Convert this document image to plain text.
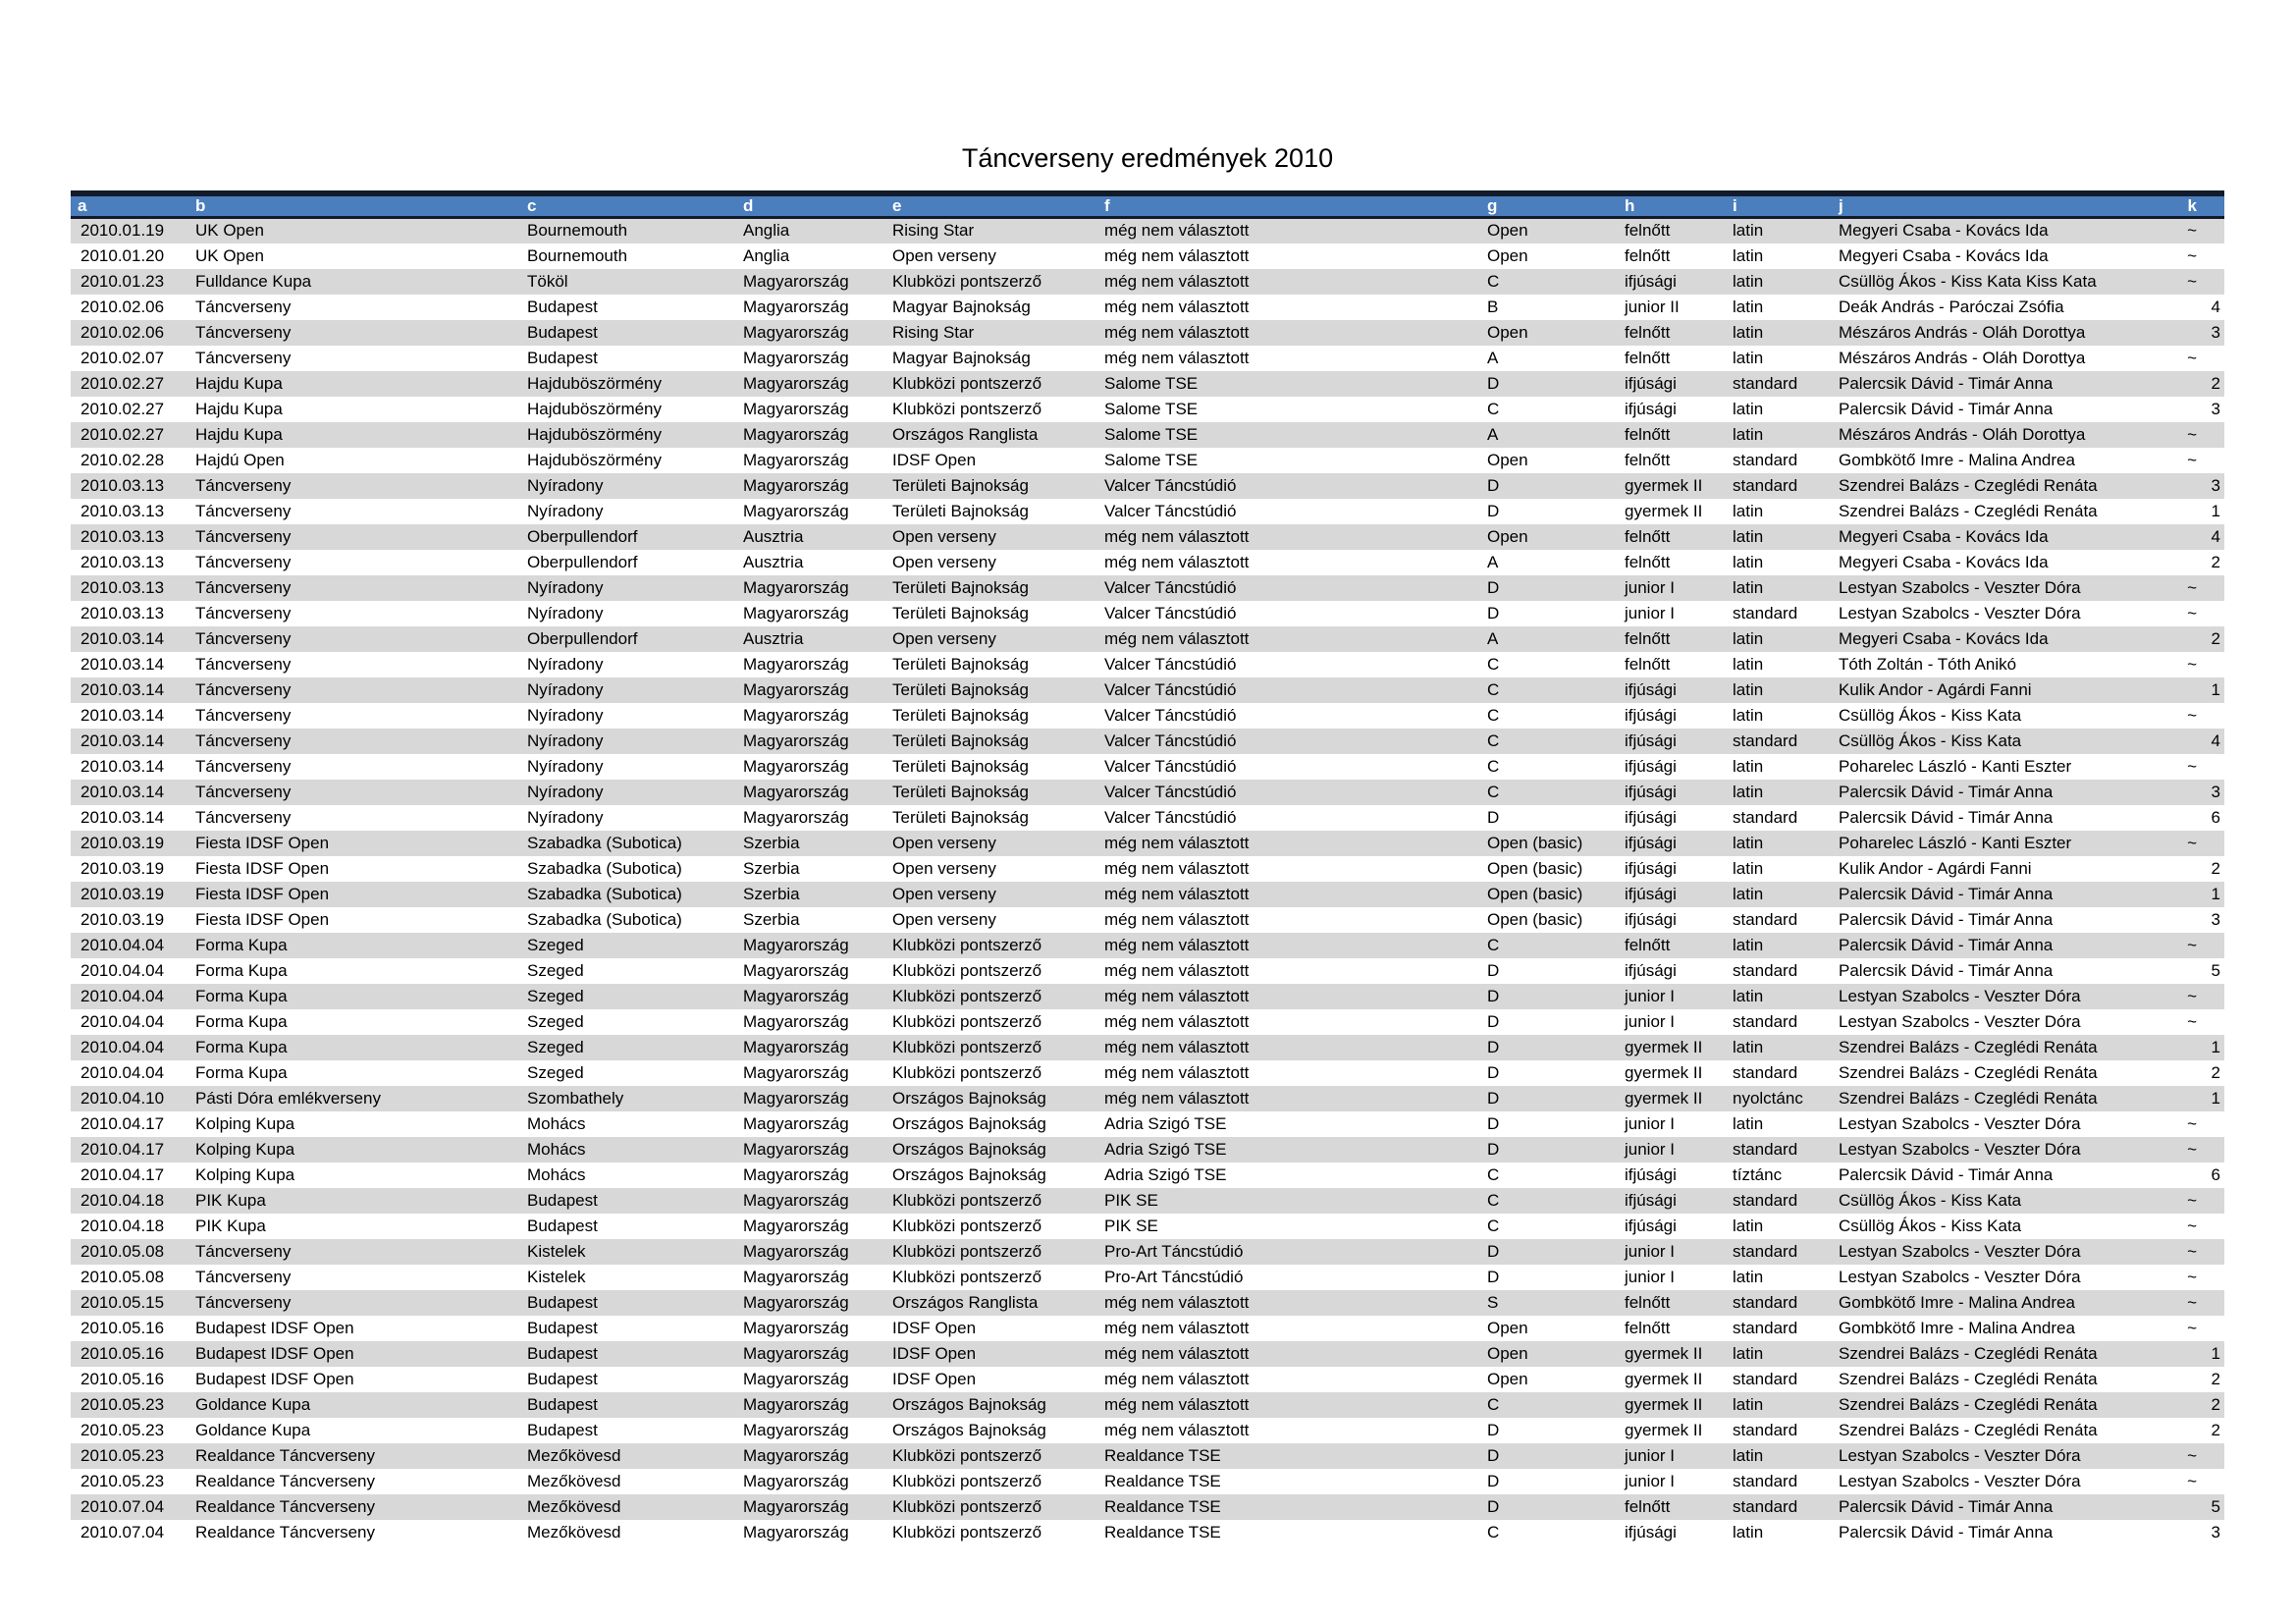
Táncverseny eredmények 2010
a	b	c	d	e	f	g	h	i	j	k
2010.01.19	UK Open	Bournemouth	Anglia	Rising Star	még nem választott	Open	felnőtt	latin	Megyeri Csaba - Kovács Ida	~
2010.01.20	UK Open	Bournemouth	Anglia	Open verseny	még nem választott	Open	felnőtt	latin	Megyeri Csaba - Kovács Ida	~
2010.01.23	Fulldance Kupa	Tököl	Magyarország	Klubközi pontszerző	még nem választott	C	ifjúsági	latin	Csüllög Ákos - Kiss Kata Kiss Kata	~
2010.02.06	Táncverseny	Budapest	Magyarország	Magyar Bajnokság	még nem választott	B	junior II	latin	Deák András - Paróczai Zsófia	4
2010.02.06	Táncverseny	Budapest	Magyarország	Rising Star	még nem választott	Open	felnőtt	latin	Mészáros András - Oláh Dorottya	3
2010.02.07	Táncverseny	Budapest	Magyarország	Magyar Bajnokság	még nem választott	A	felnőtt	latin	Mészáros András - Oláh Dorottya	~
2010.02.27	Hajdu Kupa	Hajduböszörmény	Magyarország	Klubközi pontszerző	Salome TSE	D	ifjúsági	standard	Palercsik Dávid - Timár Anna	2
2010.02.27	Hajdu Kupa	Hajduböszörmény	Magyarország	Klubközi pontszerző	Salome TSE	C	ifjúsági	latin	Palercsik Dávid - Timár Anna	3
2010.02.27	Hajdu Kupa	Hajduböszörmény	Magyarország	Országos Ranglista	Salome TSE	A	felnőtt	latin	Mészáros András - Oláh Dorottya	~
2010.02.28	Hajdú Open	Hajduböszörmény	Magyarország	IDSF Open	Salome TSE	Open	felnőtt	standard	Gombkötő Imre - Malina Andrea	~
2010.03.13	Táncverseny	Nyíradony	Magyarország	Területi Bajnokság	Valcer Táncstúdió	D	gyermek II	standard	Szendrei Balázs - Czeglédi Renáta	3
2010.03.13	Táncverseny	Nyíradony	Magyarország	Területi Bajnokság	Valcer Táncstúdió	D	gyermek II	latin	Szendrei Balázs - Czeglédi Renáta	1
2010.03.13	Táncverseny	Oberpullendorf	Ausztria	Open verseny	még nem választott	Open	felnőtt	latin	Megyeri Csaba - Kovács Ida	4
2010.03.13	Táncverseny	Oberpullendorf	Ausztria	Open verseny	még nem választott	A	felnőtt	latin	Megyeri Csaba - Kovács Ida	2
2010.03.13	Táncverseny	Nyíradony	Magyarország	Területi Bajnokság	Valcer Táncstúdió	D	junior I	latin	Lestyan Szabolcs - Veszter Dóra	~
2010.03.13	Táncverseny	Nyíradony	Magyarország	Területi Bajnokság	Valcer Táncstúdió	D	junior I	standard	Lestyan Szabolcs - Veszter Dóra	~
2010.03.14	Táncverseny	Oberpullendorf	Ausztria	Open verseny	még nem választott	A	felnőtt	latin	Megyeri Csaba - Kovács Ida	2
2010.03.14	Táncverseny	Nyíradony	Magyarország	Területi Bajnokság	Valcer Táncstúdió	C	felnőtt	latin	Tóth Zoltán - Tóth Anikó	~
2010.03.14	Táncverseny	Nyíradony	Magyarország	Területi Bajnokság	Valcer Táncstúdió	C	ifjúsági	latin	Kulik Andor - Agárdi Fanni	1
2010.03.14	Táncverseny	Nyíradony	Magyarország	Területi Bajnokság	Valcer Táncstúdió	C	ifjúsági	latin	Csüllög Ákos - Kiss Kata	~
2010.03.14	Táncverseny	Nyíradony	Magyarország	Területi Bajnokság	Valcer Táncstúdió	C	ifjúsági	standard	Csüllög Ákos - Kiss Kata	4
2010.03.14	Táncverseny	Nyíradony	Magyarország	Területi Bajnokság	Valcer Táncstúdió	C	ifjúsági	latin	Poharelec László - Kanti Eszter	~
2010.03.14	Táncverseny	Nyíradony	Magyarország	Területi Bajnokság	Valcer Táncstúdió	C	ifjúsági	latin	Palercsik Dávid - Timár Anna	3
2010.03.14	Táncverseny	Nyíradony	Magyarország	Területi Bajnokság	Valcer Táncstúdió	D	ifjúsági	standard	Palercsik Dávid - Timár Anna	6
2010.03.19	Fiesta IDSF Open	Szabadka (Subotica)	Szerbia	Open verseny	még nem választott	Open (basic)	ifjúsági	latin	Poharelec László - Kanti Eszter	~
2010.03.19	Fiesta IDSF Open	Szabadka (Subotica)	Szerbia	Open verseny	még nem választott	Open (basic)	ifjúsági	latin	Kulik Andor - Agárdi Fanni	2
2010.03.19	Fiesta IDSF Open	Szabadka (Subotica)	Szerbia	Open verseny	még nem választott	Open (basic)	ifjúsági	latin	Palercsik Dávid - Timár Anna	1
2010.03.19	Fiesta IDSF Open	Szabadka (Subotica)	Szerbia	Open verseny	még nem választott	Open (basic)	ifjúsági	standard	Palercsik Dávid - Timár Anna	3
2010.04.04	Forma Kupa	Szeged	Magyarország	Klubközi pontszerző	még nem választott	C	felnőtt	latin	Palercsik Dávid - Timár Anna	~
2010.04.04	Forma Kupa	Szeged	Magyarország	Klubközi pontszerző	még nem választott	D	ifjúsági	standard	Palercsik Dávid - Timár Anna	5
2010.04.04	Forma Kupa	Szeged	Magyarország	Klubközi pontszerző	még nem választott	D	junior I	latin	Lestyan Szabolcs - Veszter Dóra	~
2010.04.04	Forma Kupa	Szeged	Magyarország	Klubközi pontszerző	még nem választott	D	junior I	standard	Lestyan Szabolcs - Veszter Dóra	~
2010.04.04	Forma Kupa	Szeged	Magyarország	Klubközi pontszerző	még nem választott	D	gyermek II	latin	Szendrei Balázs - Czeglédi Renáta	1
2010.04.04	Forma Kupa	Szeged	Magyarország	Klubközi pontszerző	még nem választott	D	gyermek II	standard	Szendrei Balázs - Czeglédi Renáta	2
2010.04.10	Pásti Dóra emlékverseny	Szombathely	Magyarország	Országos Bajnokság	még nem választott	D	gyermek II	nyolctánc	Szendrei Balázs - Czeglédi Renáta	1
2010.04.17	Kolping Kupa	Mohács	Magyarország	Országos Bajnokság	Adria Szigó TSE	D	junior I	latin	Lestyan Szabolcs - Veszter Dóra	~
2010.04.17	Kolping Kupa	Mohács	Magyarország	Országos Bajnokság	Adria Szigó TSE	D	junior I	standard	Lestyan Szabolcs - Veszter Dóra	~
2010.04.17	Kolping Kupa	Mohács	Magyarország	Országos Bajnokság	Adria Szigó TSE	C	ifjúsági	tíztánc	Palercsik Dávid - Timár Anna	6
2010.04.18	PIK Kupa	Budapest	Magyarország	Klubközi pontszerző	PIK SE	C	ifjúsági	standard	Csüllög Ákos - Kiss Kata	~
2010.04.18	PIK Kupa	Budapest	Magyarország	Klubközi pontszerző	PIK SE	C	ifjúsági	latin	Csüllög Ákos - Kiss Kata	~
2010.05.08	Táncverseny	Kistelek	Magyarország	Klubközi pontszerző	Pro-Art Táncstúdió	D	junior I	standard	Lestyan Szabolcs - Veszter Dóra	~
2010.05.08	Táncverseny	Kistelek	Magyarország	Klubközi pontszerző	Pro-Art Táncstúdió	D	junior I	latin	Lestyan Szabolcs - Veszter Dóra	~
2010.05.15	Táncverseny	Budapest	Magyarország	Országos Ranglista	még nem választott	S	felnőtt	standard	Gombkötő Imre - Malina Andrea	~
2010.05.16	Budapest IDSF Open	Budapest	Magyarország	IDSF Open	még nem választott	Open	felnőtt	standard	Gombkötő Imre - Malina Andrea	~
2010.05.16	Budapest IDSF Open	Budapest	Magyarország	IDSF Open	még nem választott	Open	gyermek II	latin	Szendrei Balázs - Czeglédi Renáta	1
2010.05.16	Budapest IDSF Open	Budapest	Magyarország	IDSF Open	még nem választott	Open	gyermek II	standard	Szendrei Balázs - Czeglédi Renáta	2
2010.05.23	Goldance Kupa	Budapest	Magyarország	Országos Bajnokság	még nem választott	C	gyermek II	latin	Szendrei Balázs - Czeglédi Renáta	2
2010.05.23	Goldance Kupa	Budapest	Magyarország	Országos Bajnokság	még nem választott	D	gyermek II	standard	Szendrei Balázs - Czeglédi Renáta	2
2010.05.23	Realdance Táncverseny	Mezőkövesd	Magyarország	Klubközi pontszerző	Realdance TSE	D	junior I	latin	Lestyan Szabolcs - Veszter Dóra	~
2010.05.23	Realdance Táncverseny	Mezőkövesd	Magyarország	Klubközi pontszerző	Realdance TSE	D	junior I	standard	Lestyan Szabolcs - Veszter Dóra	~
2010.07.04	Realdance Táncverseny	Mezőkövesd	Magyarország	Klubközi pontszerző	Realdance TSE	D	felnőtt	standard	Palercsik Dávid - Timár Anna	5
2010.07.04	Realdance Táncverseny	Mezőkövesd	Magyarország	Klubközi pontszerző	Realdance TSE	C	ifjúsági	latin	Palercsik Dávid - Timár Anna	3
